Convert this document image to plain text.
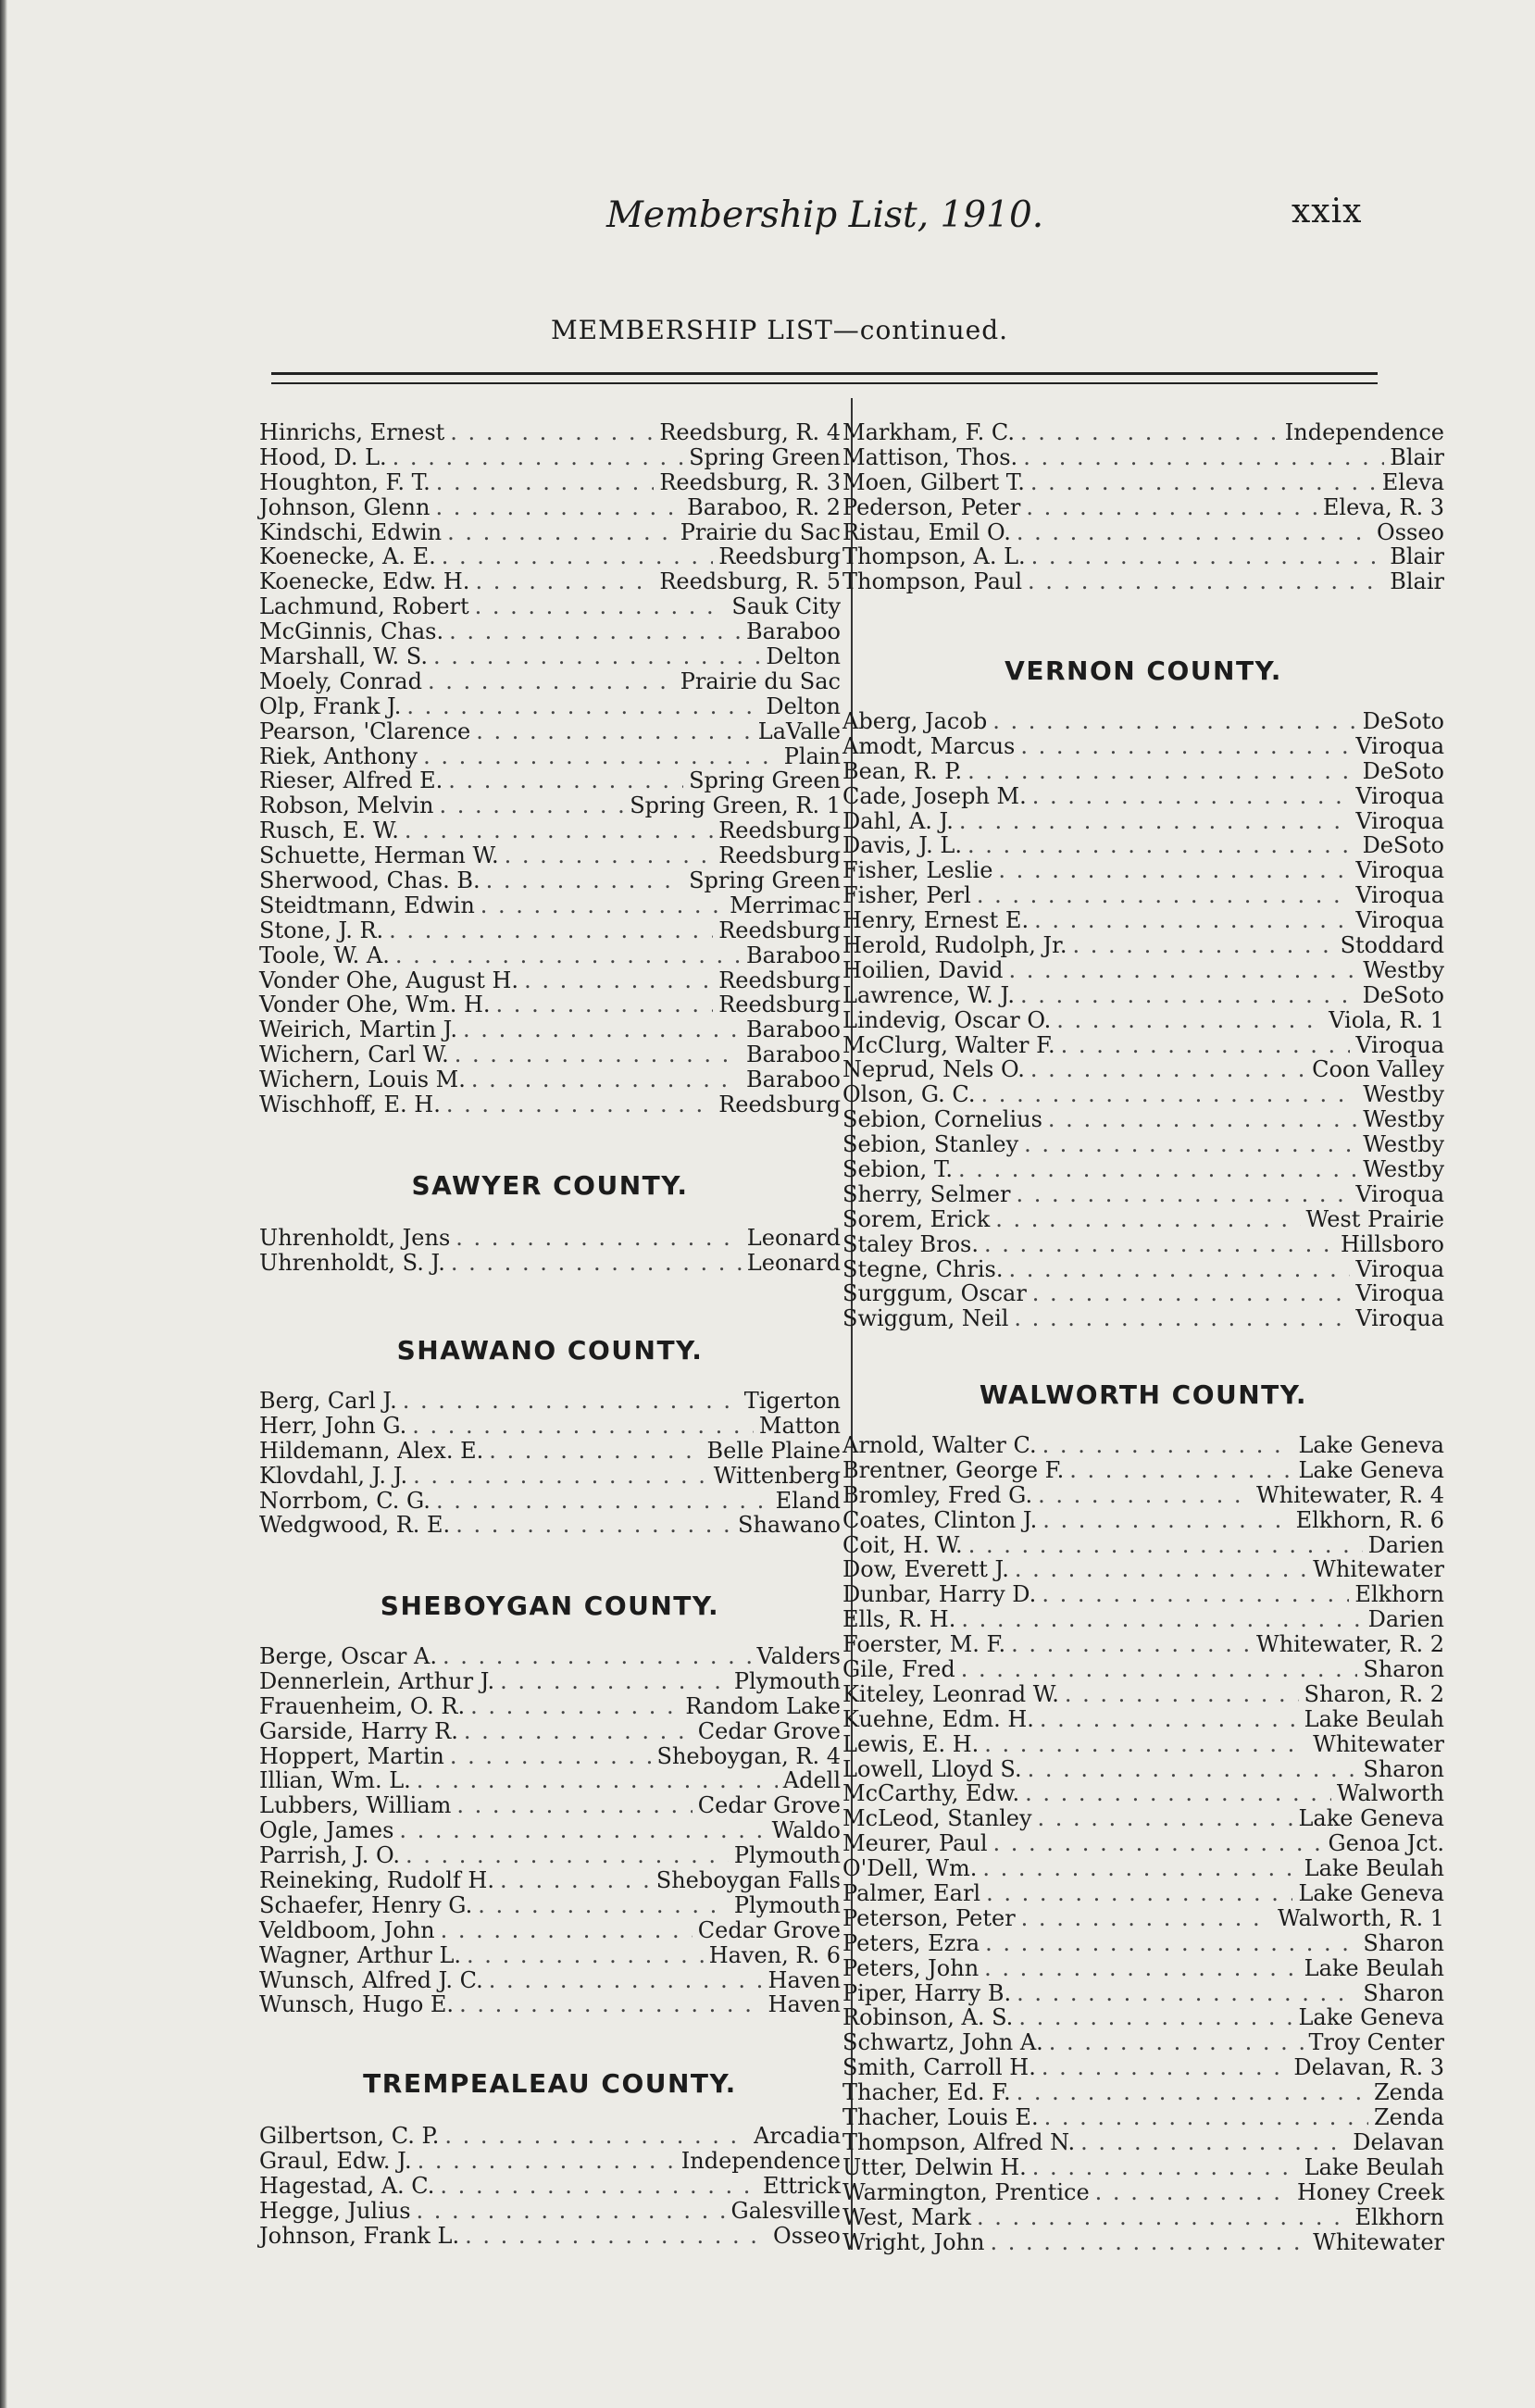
Membership List, 1910.	xxix
MEMBERSHIP LIST—continued.
Hinrichs, Ernest . . .	Reedsburg, R. 4
Hood, D. L. . . .	Spring Green
Houghton, F. T. . . .	Reedsburg, R. 3
Johnson, Glenn . . .	Baraboo, R. 2
Kindschi, Edwin . . .	Prairie du Sac
Koenecke, A. E. . . .	Reedsburg
Koenecke, Edw. H. . . .	Reedsburg, R. 5
Lachmund, Robert . . .	Sauk City
McGinnis, Chas. . . .	Baraboo
Marshall, W. S. . . .	Delton
Moely, Conrad . . .	Prairie du Sac
Olp, Frank J. . . .	Delton
Pearson, 'Clarence . . .	LaValle
Riek, Anthony . . .	Plain
Rieser, Alfred E. . . .	Spring Green
Robson, Melvin . . .	Spring Green, R. 1
Rusch, E. W. . . .	Reedsburg
Schuette, Herman W. . . .	Reedsburg
Sherwood, Chas. B. . . .	Spring Green
Steidtmann, Edwin . . .	Merrimac
Stone, J. R. . . .	Reedsburg
Toole, W. A. . . .	Baraboo
Vonder Ohe, August H. . . .	Reedsburg
Vonder Ohe, Wm. H. . . .	Reedsburg
Weirich, Martin J. . . .	Baraboo
Wichern, Carl W. . . .	Baraboo
Wichern, Louis M. . . .	Baraboo
Wischhoff, E. H. . . .	Reedsburg
SAWYER COUNTY.
Uhrenholdt, Jens . . .	Leonard
Uhrenholdt, S. J. . . .	Leonard
SHAWANO COUNTY.
Berg, Carl J. . . .	Tigerton
Herr, John G. . . .	Matton
Hildemann, Alex. E. . . .	Belle Plaine
Klovdahl, J. J. . . .	Wittenberg
Norrbom, C. G. . . .	Eland
Wedgwood, R. E. . . .	Shawano
SHEBOYGAN COUNTY.
Berge, Oscar A. . . .	Valders
Dennerlein, Arthur J. . . .	Plymouth
Frauenheim, O. R. . . .	Random Lake
Garside, Harry R. . . .	Cedar Grove
Hoppert, Martin . . .	Sheboygan, R. 4
Illian, Wm. L. . . .	Adell
Lubbers, William . . .	Cedar Grove
Ogle, James . . .	Waldo
Parrish, J. O. . . .	Plymouth
Reineking, Rudolf H. . . .	Sheboygan Falls
Schaefer, Henry G. . . .	Plymouth
Veldboom, John . . .	Cedar Grove
Wagner, Arthur L. . . .	Haven, R. 6
Wunsch, Alfred J. C. . . .	Haven
Wunsch, Hugo E. . . .	Haven
TREMPEALEAU COUNTY.
Gilbertson, C. P. . . .	Arcadia
Graul, Edw. J. . . .	Independence
Hagestad, A. C. . . .	Ettrick
Hegge, Julius . . .	Galesville
Johnson, Frank L. . . .	Osseo
Markham, F. C. . . .	Independence
Mattison, Thos. . . .	Blair
Moen, Gilbert T. . . .	Eleva
Pederson, Peter . . .	Eleva, R. 3
Ristau, Emil O. . . .	Osseo
Thompson, A. L. . . .	Blair
Thompson, Paul . . .	Blair
VERNON COUNTY.
Aberg, Jacob . . .	DeSoto
Amodt, Marcus . . .	Viroqua
Bean, R. P. . . .	DeSoto
Cade, Joseph M. . . .	Viroqua
Dahl, A. J. . . .	Viroqua
Davis, J. L. . . .	DeSoto
Fisher, Leslie . . .	Viroqua
Fisher, Perl . . .	Viroqua
Henry, Ernest E. . . .	Viroqua
Herold, Rudolph, Jr. . . .	Stoddard
Hoilien, David . . .	Westby
Lawrence, W. J. . . .	DeSoto
Lindevig, Oscar O. . . .	Viola, R. 1
McClurg, Walter F. . . .	Viroqua
Neprud, Nels O. . . .	Coon Valley
Olson, G. C. . . .	Westby
Sebion, Cornelius . . .	Westby
Sebion, Stanley . . .	Westby
Sebion, T. . . .	Westby
Sherry, Selmer . . .	Viroqua
Sorem, Erick . . .	West Prairie
Staley Bros. . . .	Hillsboro
Stegne, Chris. . . .	Viroqua
Surggum, Oscar . . .	Viroqua
Swiggum, Neil . . .	Viroqua
WALWORTH COUNTY.
Arnold, Walter C. . . .	Lake Geneva
Brentner, George F. . . .	Lake Geneva
Bromley, Fred G. . . .	Whitewater, R. 4
Coates, Clinton J. . . .	Elkhorn, R. 6
Coit, H. W. . . .	Darien
Dow, Everett J. . . .	Whitewater
Dunbar, Harry D. . . .	Elkhorn
Ells, R. H. . . .	Darien
Foerster, M. F. . . .	Whitewater, R. 2
Gile, Fred . . .	Sharon
Kiteley, Leonrad W. . . .	Sharon, R. 2
Kuehne, Edm. H. . . .	Lake Beulah
Lewis, E. H. . . .	Whitewater
Lowell, Lloyd S. . . .	Sharon
McCarthy, Edw. . . .	Walworth
McLeod, Stanley . . .	Lake Geneva
Meurer, Paul . . .	Genoa Jct.
O'Dell, Wm. . . .	Lake Beulah
Palmer, Earl . . .	Lake Geneva
Peterson, Peter . . .	Walworth, R. 1
Peters, Ezra . . .	Sharon
Peters, John . . .	Lake Beulah
Piper, Harry B. . . .	Sharon
Robinson, A. S. . . .	Lake Geneva
Schwartz, John A. . . .	Troy Center
Smith, Carroll H. . . .	Delavan, R. 3
Thacher, Ed. F. . . .	Zenda
Thacher, Louis E. . . .	Zenda
Thompson, Alfred N. . . .	Delavan
Utter, Delwin H. . . .	Lake Beulah
Warmington, Prentice . . .	Honey Creek
West, Mark . . .	Elkhorn
Wright, John . . .	Whitewater
